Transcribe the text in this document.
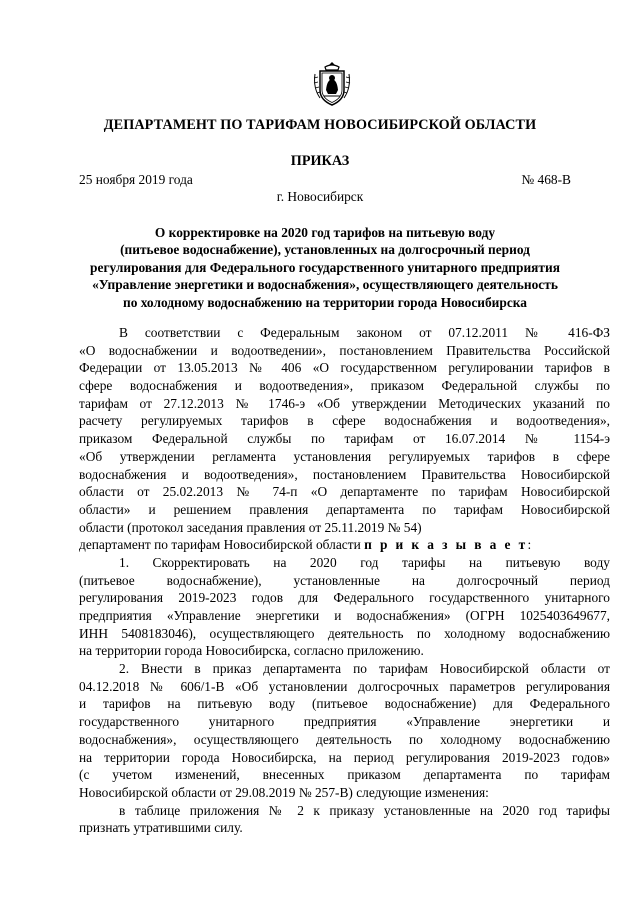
ДЕПАРТАМЕНТ ПО ТАРИФАМ НОВОСИБИРСКОЙ ОБЛАСТИ
ПРИКАЗ
25 ноября 2019 года	№ 468-В
г. Новосибирск
О корректировке на 2020 год тарифов на питьевую воду
(питьевое водоснабжение), установленных на долгосрочный период
регулирования для Федерального государственного унитарного предприятия
«Управление энергетики и водоснабжения», осуществляющего деятельность
по холодному водоснабжению на территории города Новосибирска
В соответствии с Федеральным законом от 07.12.2011 № 416-ФЗ
«О водоснабжении и водоотведении», постановлением Правительства Российской
Федерации от 13.05.2013 № 406 «О государственном регулировании тарифов в
сфере водоснабжения и водоотведения», приказом Федеральной службы по
тарифам от 27.12.2013 № 1746-э «Об утверждении Методических указаний по
расчету регулируемых тарифов в сфере водоснабжения и водоотведения»,
приказом Федеральной службы по тарифам от 16.07.2014 № 1154-э
«Об утверждении регламента установления регулируемых тарифов в сфере
водоснабжения и водоотведения», постановлением Правительства Новосибирской
области от 25.02.2013 № 74-п «О департаменте по тарифам Новосибирской
области» и решением правления департамента по тарифам Новосибирской
области (протокол заседания правления от 25.11.2019 № 54)
департамент по тарифам Новосибирской области п р и к а з ы в а е т:
1. Скорректировать на 2020 год тарифы на питьевую воду
(питьевое водоснабжение), установленные на долгосрочный период
регулирования 2019-2023 годов для Федерального государственного унитарного
предприятия «Управление энергетики и водоснабжения» (ОГРН 1025403649677,
ИНН 5408183046), осуществляющего деятельность по холодному водоснабжению
на территории города Новосибирска, согласно приложению.
2. Внести в приказ департамента по тарифам Новосибирской области от
04.12.2018 № 606/1-В «Об установлении долгосрочных параметров регулирования
и тарифов на питьевую воду (питьевое водоснабжение) для Федерального
государственного унитарного предприятия «Управление энергетики и
водоснабжения», осуществляющего деятельность по холодному водоснабжению
на территории города Новосибирска, на период регулирования 2019-2023 годов»
(с учетом изменений, внесенных приказом департамента по тарифам
Новосибирской области от 29.08.2019 № 257-В) следующие изменения:
в таблице приложения № 2 к приказу установленные на 2020 год тарифы
признать утратившими силу.
